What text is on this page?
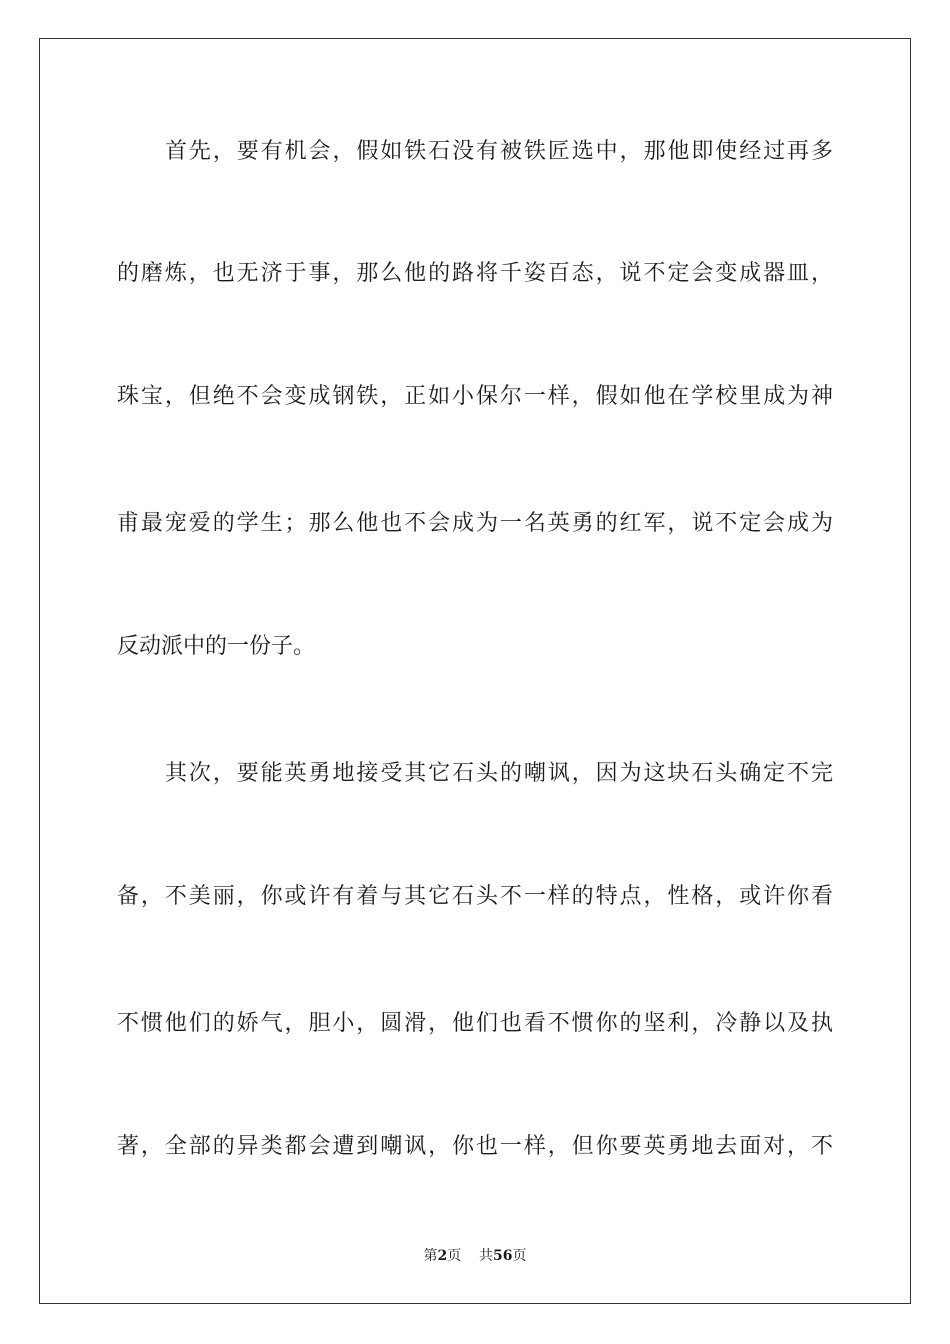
首先，要有机会，假如铁石没有被铁匠选中，那他即使经过再多

的磨炼，也无济于事，那么他的路将千姿百态，说不定会变成器皿，

珠宝，但绝不会变成钢铁，正如小保尔一样，假如他在学校里成为神

甫最宠爱的学生；那么他也不会成为一名英勇的红军，说不定会成为

反动派中的一份子。

其次，要能英勇地接受其它石头的嘲讽，因为这块石头确定不完

备，不美丽，你或许有着与其它石头不一样的特点，性格，或许你看

不惯他们的娇气，胆小，圆滑，他们也看不惯你的坚利，冷静以及执

著，全部的异类都会遭到嘲讽，你也一样，但你要英勇地去面对，不

第2页 共56页
